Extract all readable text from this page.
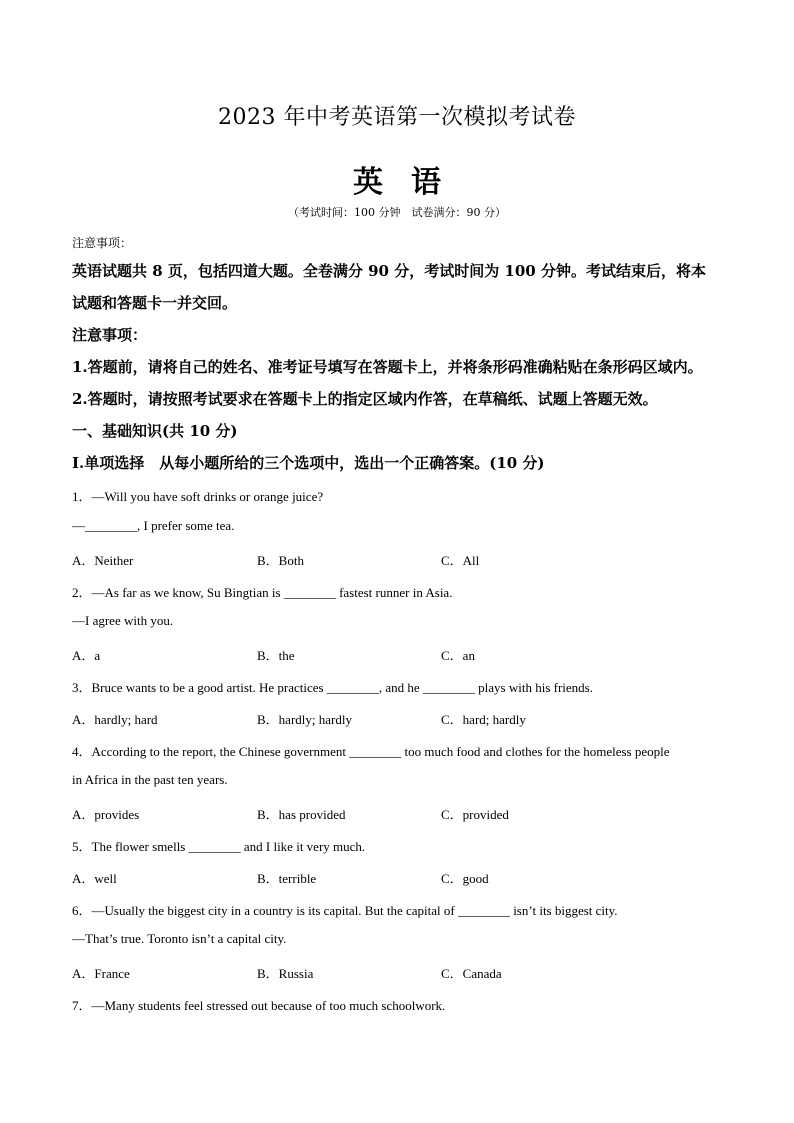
2023 年中考英语第一次模拟考试卷
英语
（考试时间：100 分钟　试卷满分：90 分）
注意事项：
英语试题共 8 页，包括四道大题。全卷满分 90 分，考试时间为 100 分钟。考试结束后，将本
试题和答题卡一并交回。
注意事项：
1.答题前，请将自己的姓名、准考证号填写在答题卡上，并将条形码准确粘贴在条形码区域内。
2.答题时，请按照考试要求在答题卡上的指定区域内作答，在草稿纸、试题上答题无效。
一、基础知识(共 10 分)
I.单项选择　从每小题所给的三个选项中，选出一个正确答案。(10 分)
1．—Will you have soft drinks or orange juice?
—________, I prefer some tea.
A．Neither	B．Both	C．All
2．—As far as we know, Su Bingtian is ________ fastest runner in Asia.
—I agree with you.
A．a	B．the	C．an
3．Bruce wants to be a good artist. He practices ________, and he ________ plays with his friends.
A．hardly; hard	B．hardly; hardly	C．hard; hardly
4．According to the report, the Chinese government ________ too much food and clothes for the homeless people
in Africa in the past ten years.
A．provides	B．has provided	C．provided
5．The flower smells ________ and I like it very much.
A．well	B．terrible	C．good
6．—Usually the biggest city in a country is its capital. But the capital of ________ isn’t its biggest city.
—That’s true. Toronto isn’t a capital city.
A．France	B．Russia	C．Canada
7．—Many students feel stressed out because of too much schoolwork.
